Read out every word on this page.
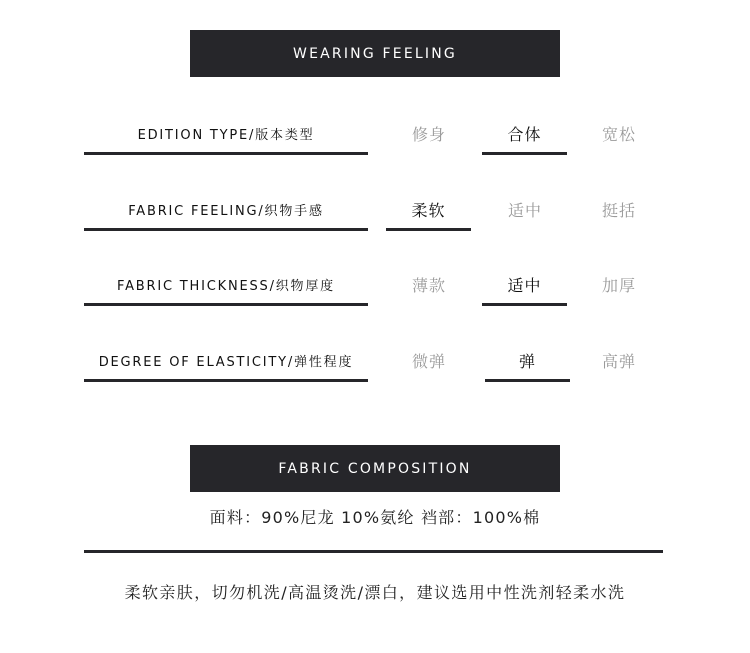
WEARING FEELING
EDITION TYPE/版本类型	修身	合体	宽松
FABRIC FEELING/织物手感	柔软	适中	挺括
FABRIC THICKNESS/织物厚度	薄款	适中	加厚
DEGREE OF ELASTICITY/弹性程度	微弹	弹	高弹
FABRIC COMPOSITION
面料：90%尼龙 10%氨纶 裆部：100%棉
柔软亲肤，切勿机洗/高温烫洗/漂白，建议选用中性洗剂轻柔水洗
